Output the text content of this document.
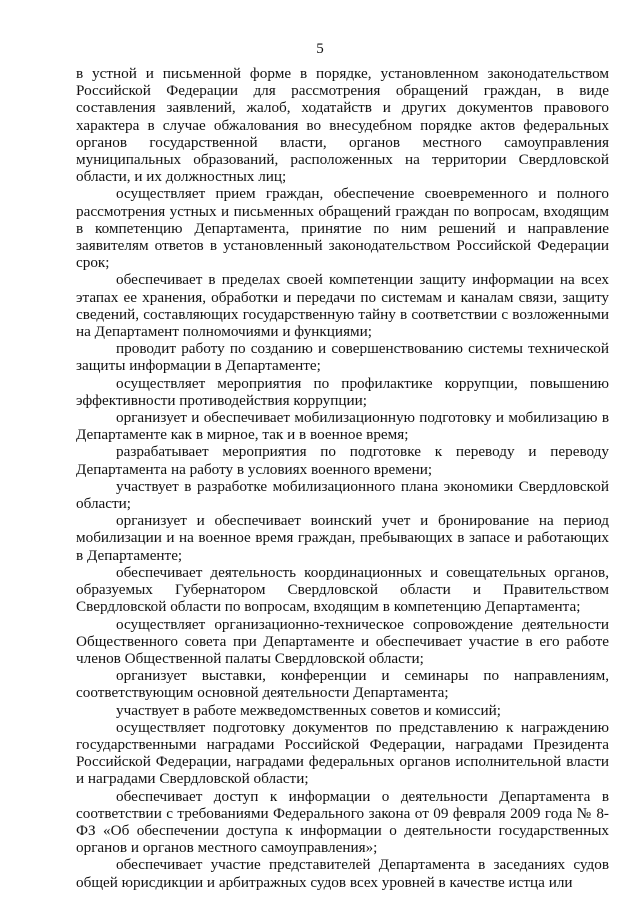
5

в устной и письменной форме в порядке, установленном законодательством Российской Федерации для рассмотрения обращений граждан, в виде составления заявлений, жалоб, ходатайств и других документов правового характера в случае обжалования во внесудебном порядке актов федеральных органов государственной власти, органов местного самоуправления муниципальных образований, расположенных на территории Свердловской области, и их должностных лиц;

осуществляет прием граждан, обеспечение своевременного и полного рассмотрения устных и письменных обращений граждан по вопросам, входящим в компетенцию Департамента, принятие по ним решений и направление заявителям ответов в установленный законодательством Российской Федерации срок;

обеспечивает в пределах своей компетенции защиту информации на всех этапах ее хранения, обработки и передачи по системам и каналам связи, защиту сведений, составляющих государственную тайну в соответствии с возложенными на Департамент полномочиями и функциями;

проводит работу по созданию и совершенствованию системы технической защиты информации в Департаменте;

осуществляет мероприятия по профилактике коррупции, повышению эффективности противодействия коррупции;

организует и обеспечивает мобилизационную подготовку и мобилизацию в Департаменте как в мирное, так и в военное время;

разрабатывает мероприятия по подготовке к переводу и переводу Департамента на работу в условиях военного времени;

участвует в разработке мобилизационного плана экономики Свердловской области;

организует и обеспечивает воинский учет и бронирование на период мобилизации и на военное время граждан, пребывающих в запасе и работающих в Департаменте;

обеспечивает деятельность координационных и совещательных органов, образуемых Губернатором Свердловской области и Правительством Свердловской области по вопросам, входящим в компетенцию Департамента;

осуществляет организационно-техническое сопровождение деятельности Общественного совета при Департаменте и обеспечивает участие в его работе членов Общественной палаты Свердловской области;

организует выставки, конференции и семинары по направлениям, соответствующим основной деятельности Департамента;

участвует в работе межведомственных советов и комиссий;

осуществляет подготовку документов по представлению к награждению государственными наградами Российской Федерации, наградами Президента Российской Федерации, наградами федеральных органов исполнительной власти и наградами Свердловской области;

обеспечивает доступ к информации о деятельности Департамента в соответствии с требованиями Федерального закона от 09 февраля 2009 года № 8-ФЗ «Об обеспечении доступа к информации о деятельности государственных органов и органов местного самоуправления»;

обеспечивает участие представителей Департамента в заседаниях судов общей юрисдикции и арбитражных судов всех уровней в качестве истца или
